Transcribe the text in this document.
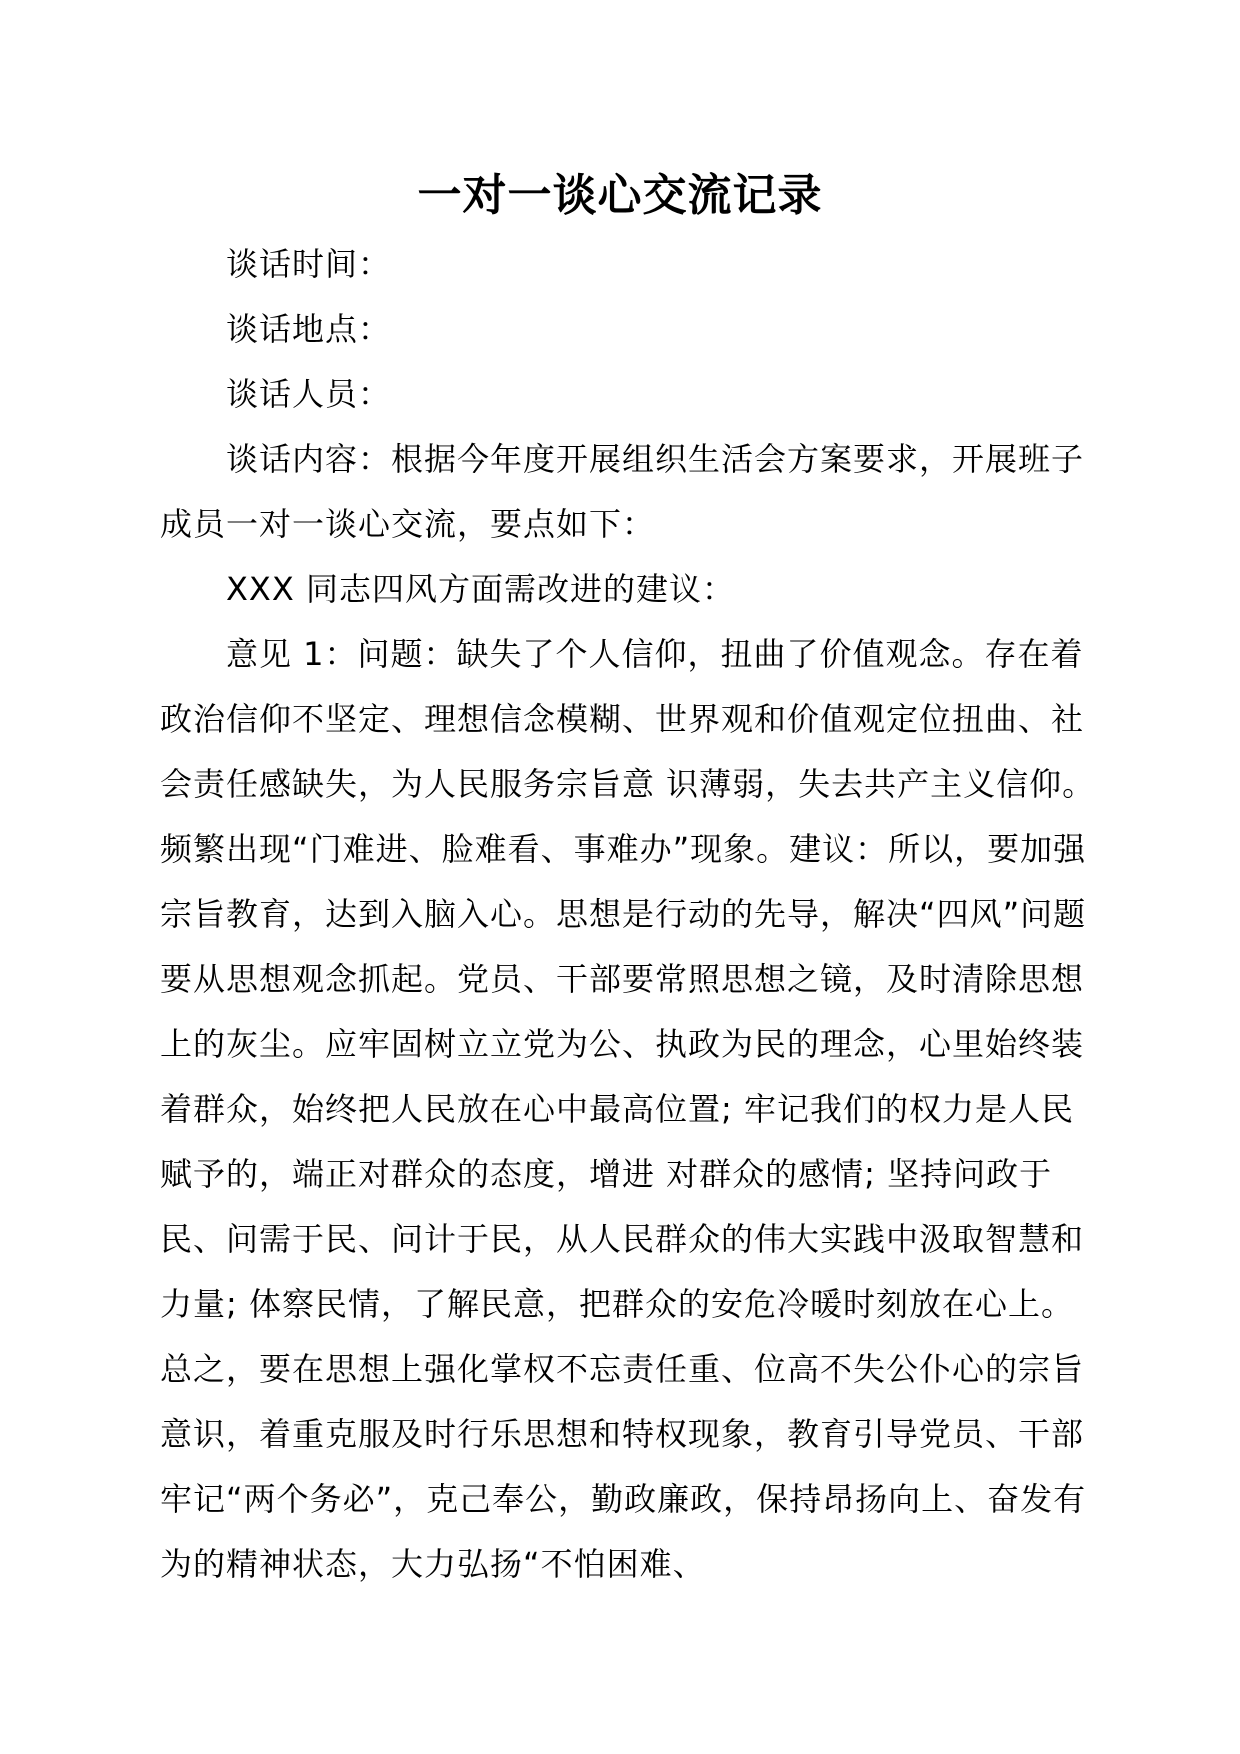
一对一谈心交流记录

谈话时间：

谈话地点：

谈话人员：

谈话内容：根据今年度开展组织生活会方案要求，开展班子成员一对一谈心交流，要点如下：

XXX 同志四风方面需改进的建议：

意见 1：问题：缺失了个人信仰，扭曲了价值观念。存在着政治信仰不坚定、理想信念模糊、世界观和价值观定位扭曲、社会责任感缺失，为人民服务宗旨意 识薄弱，失去共产主义信仰。频繁出现“门难进、脸难看、事难办”现象。建议：所以，要加强宗旨教育，达到入脑入心。思想是行动的先导，解决“四风”问题要从思想观念抓起。党员、干部要常照思想之镜，及时清除思想上的灰尘。应牢固树立立党为公、执政为民的理念，心里始终装着群众，始终把人民放在心中最高位置; 牢记我们的权力是人民赋予的，端正对群众的态度，增进 对群众的感情; 坚持问政于民、问需于民、问计于民，从人民群众的伟大实践中汲取智慧和力量; 体察民情，了解民意，把群众的安危冷暖时刻放在心上。总之，要在思想上强化掌权不忘责任重、位高不失公仆心的宗旨意识，着重克服及时行乐思想和特权现象，教育引导党员、干部牢记“两个务必”，克己奉公，勤政廉政，保持昂扬向上、奋发有为的精神状态，大力弘扬“不怕困难、
